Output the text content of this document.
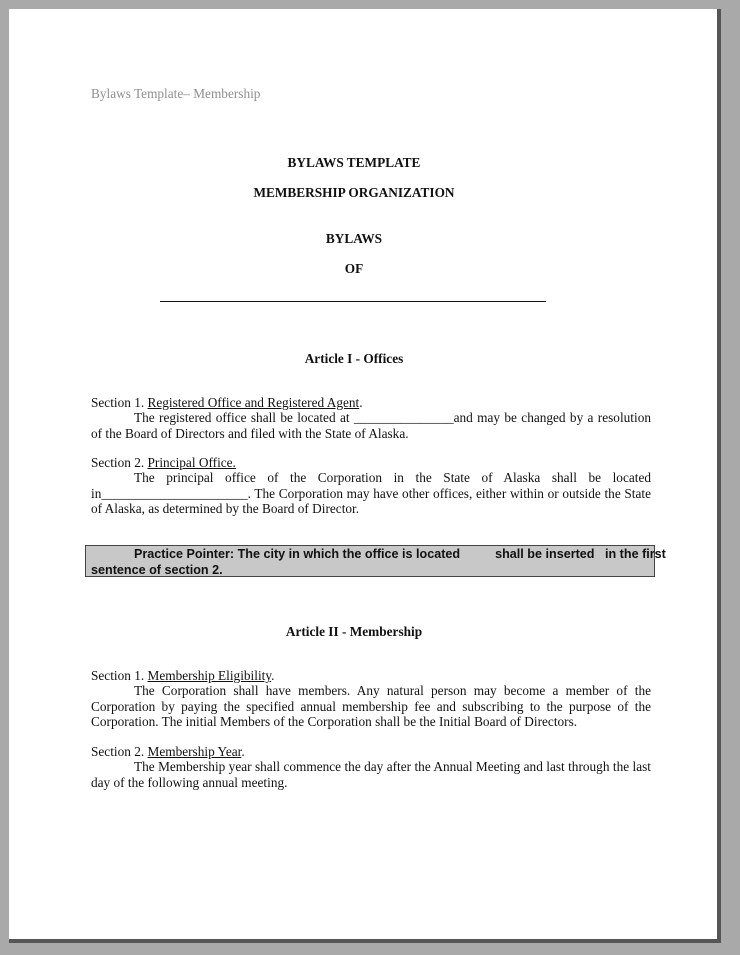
Bylaws Template– Membership
BYLAWS TEMPLATE
MEMBERSHIP ORGANIZATION
BYLAWS
OF
Article I - Offices
Section 1. Registered Office and Registered Agent.
The registered office shall be located at _______________and may be changed by a resolution of the Board of Directors and filed with the State of Alaska.
Section 2. Principal Office.
The principal office of the Corporation in the State of Alaska shall be located in______________________. The Corporation may have other offices, either within or outside the State of Alaska, as determined by the Board of Director.
Practice Pointer: The city in which the office is located          shall be inserted   in the first
sentence of section 2.
Article II - Membership
Section 1. Membership Eligibility.
The Corporation shall have members. Any natural person may become a member of the Corporation by paying the specified annual membership fee and subscribing to the purpose of the Corporation. The initial Members of the Corporation shall be the Initial Board of Directors.
Section 2. Membership Year.
The Membership year shall commence the day after the Annual Meeting and last through the last day of the following annual meeting.
